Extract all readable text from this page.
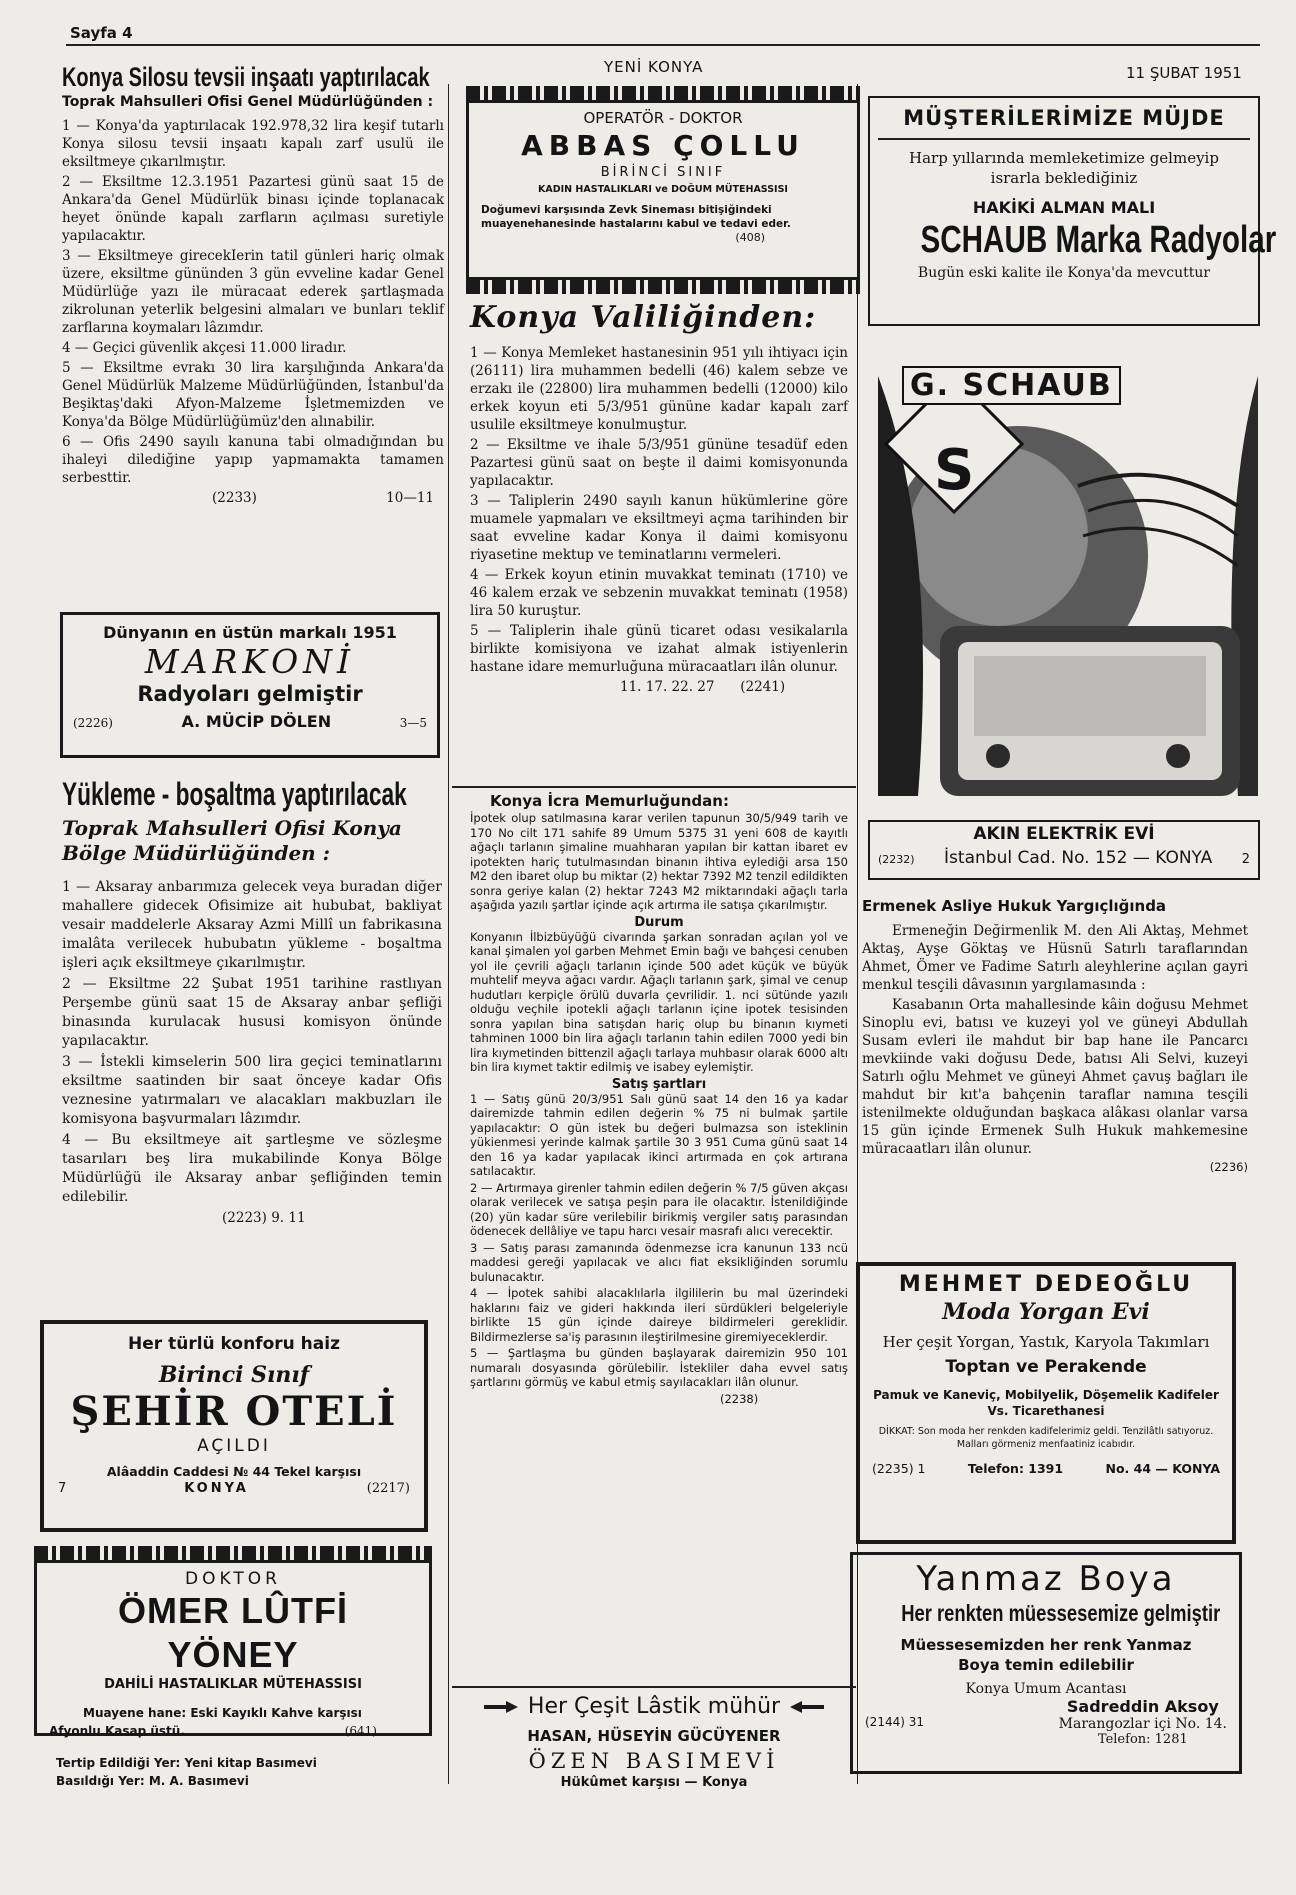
Sayfa 4
YENİ KONYA	11 ŞUBAT 1951
Konya Silosu tevsii inşaatı yaptırılacak
Toprak Mahsulleri Ofisi Genel Müdürlüğünden :

1 — Konya'da yaptırılacak 192.978,32 lira keşif tutarlı Konya silosu tevsii inşaatı kapalı zarf usulü ile eksiltmeye çıkarılmıştır.

2 — Eksiltme 12.3.1951 Pazartesi günü saat 15 de Ankara'da Genel Müdürlük binası içinde toplanacak heyet önünde kapalı zarfların açılması suretiyle yapılacaktır.

3 — Eksiltmeye girecekIerin tatil günleri hariç olmak üzere, eksiltme gününden 3 gün evveline kadar Genel Müdürlüğe yazı ile müracaat ederek şartlaşmada zikrolunan yeterlik belgesini almaları ve bunları teklif zarflarına koymaları lâzımdır.

4 — Geçici güvenlik akçesi 11.000 liradır.

5 — Eksiltme evrakı 30 lira karşılığında Ankara'da Genel Müdürlük Malzeme Müdürlüğünden, İstanbul'da Beşiktaş'daki Afyon-Malzeme İşletmemizden ve Konya'da Bölge Müdürlüğümüz'den alınabilir.

6 — Ofis 2490 sayılı kanuna tabi olmadığından bu ihaleyi dilediğine yapıp yapmamakta tamamen serbesttir.

(2233)	10—11
Dünyanın en üstün markalı 1951
MARKONİ
Radyoları gelmiştir
(2226)	A. MÜCİP DÖLEN	3—5
Yükleme - boşaltma yaptırılacak
Toprak Mahsulleri Ofisi Konya Bölge Müdürlüğünden :

1 — Aksaray anbarımıza gelecek veya buradan diğer mahallere gidecek Ofisimize ait hububat, bakliyat vesair maddelerle Aksaray Azmi Millî un fabrikasına imalâta verilecek hububatın yükleme - boşaltma işleri açık eksiltmeye çıkarılmıştır.

2 — Eksiltme 22 Şubat 1951 tarihine rastlıyan Perşembe günü saat 15 de Aksaray anbar şefliği binasında kurulacak hususi komisyon önünde yapılacaktır.

3 — İstekli kimselerin 500 lira geçici teminatlarını eksiltme saatinden bir saat önceye kadar Ofis veznesine yatırmaları ve alacakları makbuzları ile komisyona başvurmaları lâzımdır.

4 — Bu eksiltmeye ait şartleşme ve sözleşme tasarıları beş lira mukabilinde Konya Bölge Müdürlüğü ile Aksaray anbar şefliğinden temin edilebilir.

(2223) 9. 11
Her türlü konforu haiz
Birinci Sınıf
ŞEHİR OTELİ
AÇILDI
Alâaddin Caddesi № 44 Tekel karşısı
7	KONYA	(2217)
DOKTOR
ÖMER LÛTFİ YÖNEY
DAHİLİ HASTALIKLAR MÜTEHASSISI
Muayene hane: Eski Kayıklı Kahve karşısı
Afyonlu Kasap üstü.	(641)
Tertip Edildiği Yer: Yeni kitap Basımevi
Basıldığı Yer: M. A. Basımevi
OPERATÖR - DOKTOR
ABBAS ÇOLLU
BİRİNCİ SINIF
KADIN HASTALIKLARI ve DOĞUM MÜTEHASSISI
Doğumevi karşısında Zevk Sineması bitişiğindeki muayenehanesinde hastalarını kabul ve tedavi eder.
(408)
Konya Valiliğinden:

1 — Konya Memleket hastanesinin 951 yılı ihtiyacı için (26111) lira muhammen bedelli (46) kalem sebze ve erzakı ile (22800) lira muhammen bedelli (12000) kilo erkek koyun eti 5/3/951 gününe kadar kapalı zarf usulile eksiltmeye konulmuştur.

2 — Eksiltme ve ihale 5/3/951 gününe tesadüf eden Pazartesi günü saat on beşte il daimi komisyonunda yapılacaktır.

3 — Taliplerin 2490 sayılı kanun hükümlerine göre muamele yapmaları ve eksiltmeyi açma tarihinden bir saat evveline kadar Konya il daimi komisyonu riyasetine mektup ve teminatlarını vermeleri.

4 — Erkek koyun etinin muvakkat teminatı (1710) ve 46 kalem erzak ve sebzenin muvakkat teminatı (1958) lira 50 kuruştur.

5 — Taliplerin ihale günü ticaret odası vesikalarıla birlikte komisiyona ve izahat almak istiyenlerin hastane idare memurluğuna müracaatları ilân olunur.

11. 17. 22. 27 (2241)
Konya İcra Memurluğundan:

İpotek olup satılmasına karar verilen tapunun 30/5/949 tarih ve 170 No cilt 171 sahife 89 Umum 5375 31 yeni 608 de kayıtlı ağaçlı tarlanın şimaline muahharan yapılan bir kattan ibaret ev ipotekten hariç tutulmasından binanın ihtiva eylediği arsa 150 M2 den ibaret olup bu miktar (2) hektar 7392 M2 tenzil edildikten sonra geriye kalan (2) hektar 7243 M2 miktarındaki ağaçlı tarla aşağıda yazılı şartlar içinde açık artırma ile satışa çıkarılmıştır.

Durum

Konyanın İlbizbüyüğü civarında şarkan sonradan açılan yol ve kanal şimalen yol garben Mehmet Emin bağı ve bahçesi cenuben yol ile çevrili ağaçlı tarlanın içinde 500 adet küçük ve büyük muhtelif meyva ağacı vardır. Ağaçlı tarlanın şark, şimal ve cenup hudutları kerpiçle örülü duvarla çevrilidir. 1. nci sütünde yazılı olduğu veçhile ipotekli ağaçlı tarlanın içine ipotek tesisinden sonra yapılan bina satışdan hariç olup bu binanın kıymeti tahminen 1000 bin lira ağaçlı tarlanın tahin edilen 7000 yedi bin lira kıymetinden bittenzil ağaçlı tarlaya muhbasır olarak 6000 altı bin lira kıymet taktir edilmiş ve isabey eylemiştir.

Satış şartları

1 — Satış günü 20/3/951 Salı günü saat 14 den 16 ya kadar dairemizde tahmin edilen değerin % 75 ni bulmak şartile yapılacaktır: O gün istek bu değeri bulmazsa son isteklinin yükienmesi yerinde kalmak şartile 30 3 951 Cuma günü saat 14 den 16 ya kadar yapılacak ikinci artırmada en çok artırana satılacaktır.

2 — Artırmaya girenler tahmin edilen değerin % 7/5 güven akçası olarak verilecek ve satışa peşin para ile olacaktır. İstenildiğinde (20) yün kadar süre verilebilir birikmiş vergiler satış parasından ödenecek dellâliye ve tapu harcı vesair masrafı alıcı verecektir.

3 — Satış parası zamanında ödenmezse icra kanunun 133 ncü maddesi gereği yapılacak ve alıcı fiat eksikliğinden sorumlu bulunacaktır.

4 — İpotek sahibi alacaklılarla ilgililerin bu mal üzerindeki haklarını faiz ve gideri hakkında ileri sürdükleri belgeleriyle birlikte 15 gün içinde daireye bildirmeleri gereklidir. Bildirmezlerse sa'iş parasının ileştirilmesine giremiyeceklerdir.

5 — Şartlaşma bu günden başlayarak dairemizin 950 101 numaralı dosyasında görülebilir. İstekliler daha evvel satış şartlarını görmüş ve kabul etmiş sayılacakları ilân olunur.

(2238)
Her Çeşit Lâstik mühür
HASAN, HÜSEYİN GÜCÜYENER
ÖZEN BASIMEVİ
Hükûmet karşısı — Konya
MÜŞTERİLERİMİZE MÜJDE
Harp yıllarında memleketimize gelmeyip israrla beklediğiniz
HAKİKİ ALMAN MALI
SCHAUB Marka Radyolar
Bugün eski kalite ile Konya'da mevcuttur
G. SCHAUB
S
AKIN ELEKTRİK EVİ
(2232) İstanbul Cad. No. 152 — KONYA 2
Ermenek Asliye Hukuk Yargıçlığında

Ermeneğin Değirmenlik M. den Ali Aktaş, Mehmet Aktaş, Ayşe Göktaş ve Hüsnü Satırlı taraflarından Ahmet, Ömer ve Fadime Satırlı aleyhlerine açılan gayri menkul tesçili dâvasının yargılamasında :

Kasabanın Orta mahallesinde kâin doğusu Mehmet Sinoplu evi, batısı ve kuzeyi yol ve güneyi Abdullah Susam evleri ile mahdut bir bap hane ile Pancarcı mevkiinde vaki doğusu Dede, batısı Ali Selvi, kuzeyi Satırlı oğlu Mehmet ve güneyi Ahmet çavuş bağları ile mahdut bir kıt'a bahçenin taraflar namına tesçili istenilmekte olduğundan başkaca alâkası olanlar varsa 15 gün içinde Ermenek Sulh Hukuk mahkemesine müracaatları ilân olunur.

(2236)
MEHMET DEDEOĞLU
Moda Yorgan Evi
Her çeşit Yorgan, Yastık, Karyola Takımları
Toptan ve Perakende
Pamuk ve Kaneviç, Mobilyelik, Döşemelik Kadifeler Vs. Ticarethanesi
DİKKAT: Son moda her renkden kadifelerimiz geldi. Tenzilâtlı satıyoruz. Malları görmeniz menfaatiniz icabıdır.
(2235) 1	Telefon: 1391	No. 44 — KONYA
Yanmaz Boya
Her renkten müessesemize gelmiştir
Müessesemizden her renk Yanmaz Boya temin edilebilir
Konya Umum Acantası
(2144) 31
Sadreddin Aksoy
Marangozlar içi No. 14.
Telefon: 1281
